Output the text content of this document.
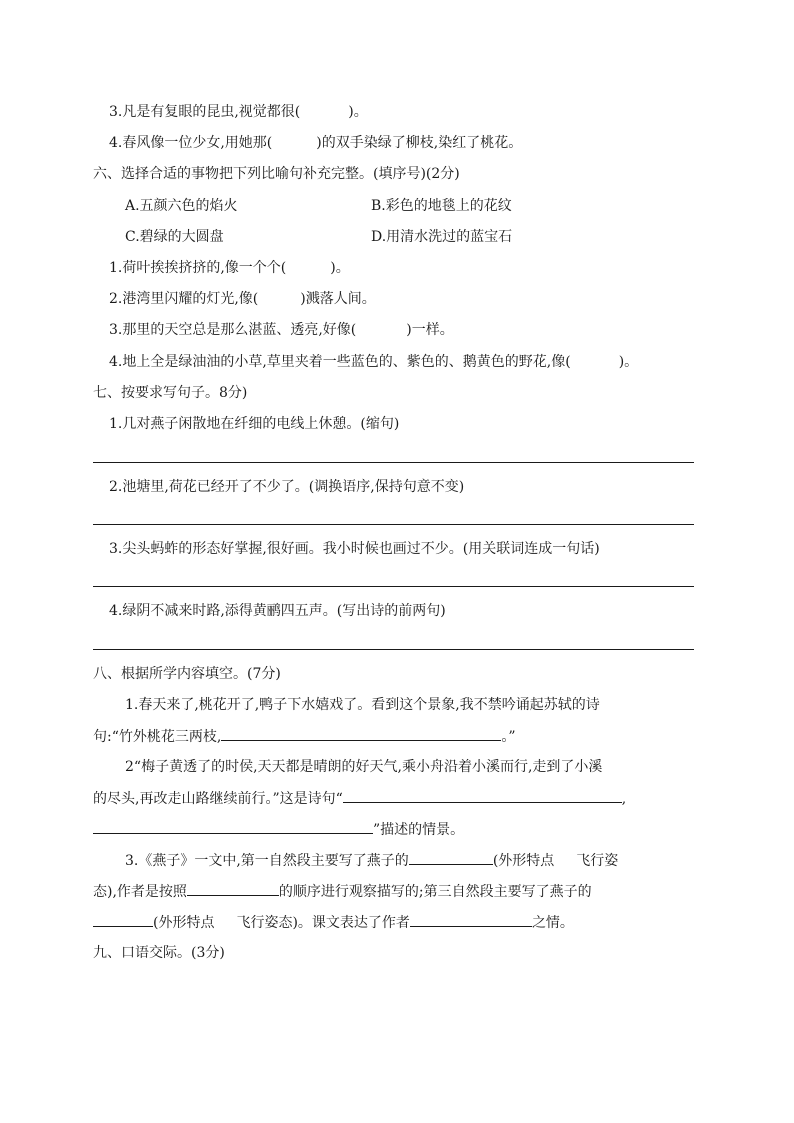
3.凡是有复眼的昆虫,视觉都很(	)。
4.春风像一位少女,用她那(	)的双手染绿了柳枝,染红了桃花。
六、选择合适的事物把下列比喻句补充完整。(填序号)(2分)
A.五颜六色的焰火	B.彩色的地毯上的花纹
C.碧绿的大圆盘	D.用清水洗过的蓝宝石
1.荷叶挨挨挤挤的,像一个个(	)。
2.港湾里闪耀的灯光,像(	)溅落人间。
3.那里的天空总是那么湛蓝、透亮,好像(	)一样。
4.地上全是绿油油的小草,草里夹着一些蓝色的、紫色的、鹅黄色的野花,像(	)。
七、按要求写句子。8分)
1.几对燕子闲散地在纤细的电线上休憩。(缩句)
2.池塘里,荷花已经开了不少了。(调换语序,保持句意不变)
3.尖头蚂蚱的形态好掌握,很好画。我小时候也画过不少。(用关联词连成一句话)
4.绿阴不减来时路,添得黄鹂四五声。(写出诗的前两句)
八、根据所学内容填空。(7分)
1.春天来了,桃花开了,鸭子下水嬉戏了。看到这个景象,我不禁吟诵起苏轼的诗
句:“竹外桃花三两枝,	。”
2“梅子黄透了的时侯,天天都是晴朗的好天气,乘小舟沿着小溪而行,走到了小溪
的尽头,再改走山路继续前行。”这是诗句“	,
”描述的情景。
3.《燕子》一文中,第一自然段主要写了燕子的	(外形特点 飞行姿
态),作者是按照	的顺序进行观察描写的;第三自然段主要写了燕子的
(外形特点 飞行姿态)。课文表达了作者	之情。
九、口语交际。(3分)
